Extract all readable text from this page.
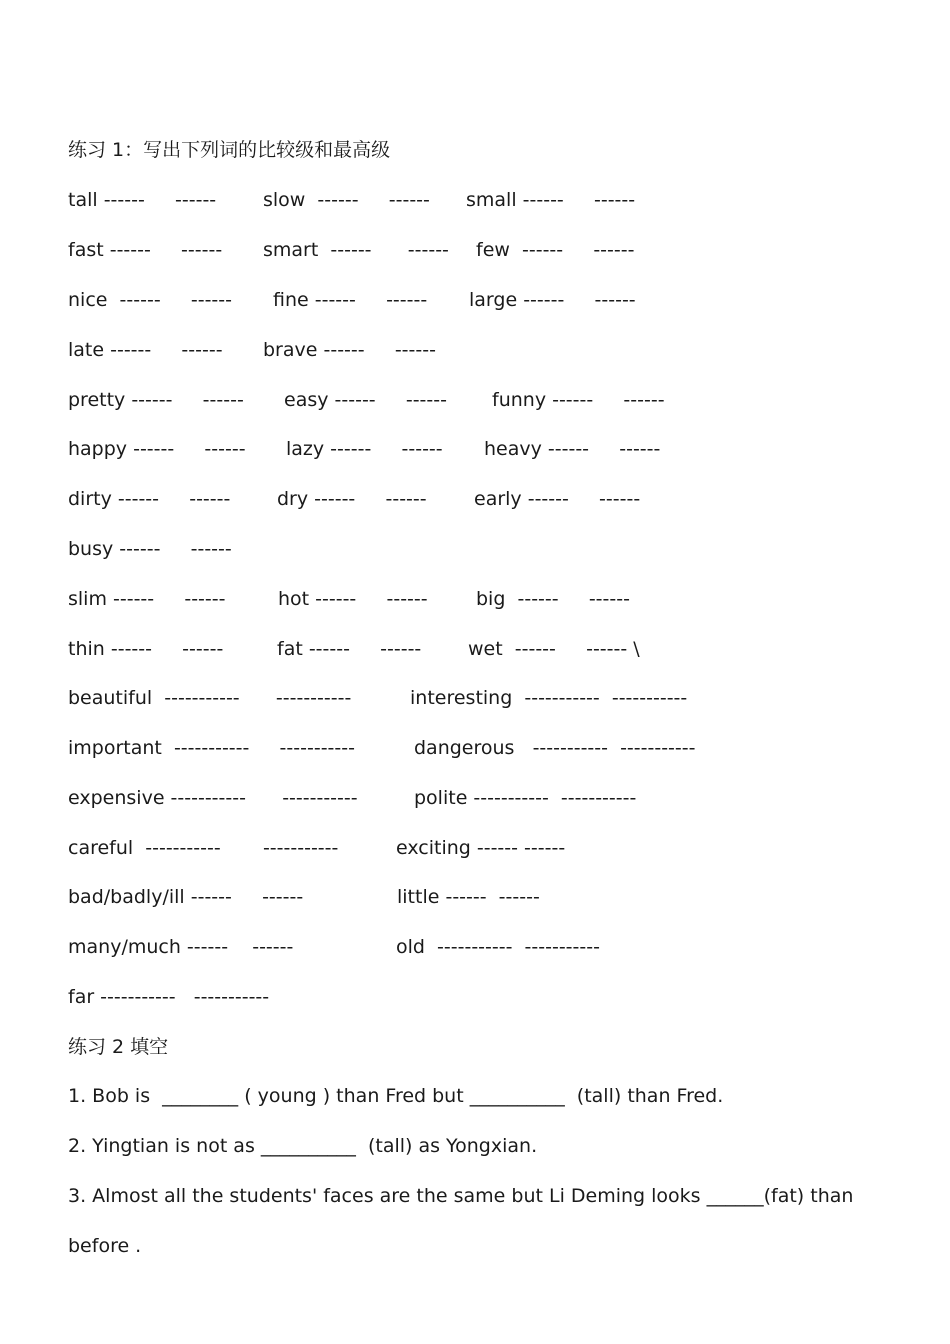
练习 1：写出下列词的比较级和最高级
tall ------     ------ slow  ------     ------ small ------     ------
fast ------     ------ smart  ------      ------ few  ------     ------
nice  ------     ------ fine ------     ------ large ------     ------
late ------     ------ brave ------     ------
pretty ------     ------ easy ------     ------ funny ------     ------
happy ------     ------ lazy ------     ------ heavy ------     ------
dirty ------     ------ dry ------     ------ early ------     ------
busy ------     ------
slim ------     ------	hot ------     ------	big  ------     ------
thin ------     ------	fat ------     ------ wet  ------     ------ \
beautiful  -----------      -----------	interesting  -----------  -----------
important  -----------     -----------	dangerous   -----------  -----------
expensive -----------      -----------	polite -----------  -----------
careful  -----------       -----------	exciting ------ ------
bad/badly/ill ------     ------	little ------  ------
many/much ------    ------	old  -----------  -----------
far -----------   -----------
练习 2 填空
1. Bob is  ________ ( young ) than Fred but __________  (tall) than Fred.
2. Yingtian is not as __________  (tall) as Yongxian.
3. Almost all the students' faces are the same but Li Deming looks ______(fat) than
before .
